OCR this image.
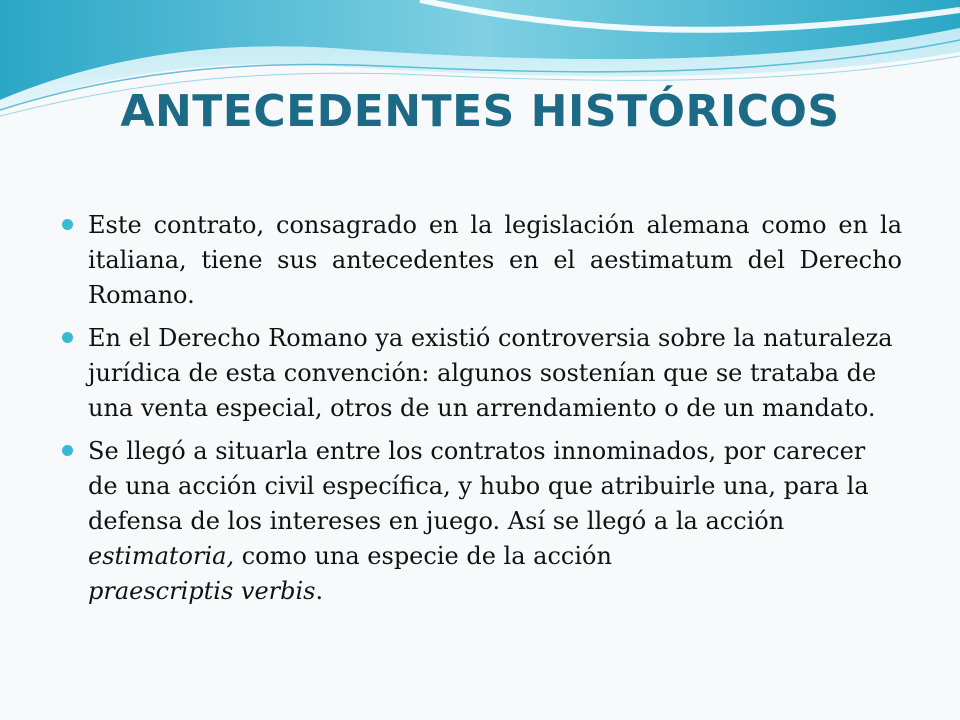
ANTECEDENTES HISTÓRICOS
Este contrato, consagrado en la legislación alemana como en la italiana, tiene sus antecedentes en el aestimatum del Derecho Romano.
En el Derecho Romano ya existió controversia sobre la naturaleza jurídica de esta convención: algunos sostenían que se trataba de una venta especial, otros de un arrendamiento o de un mandato.
Se llegó a situarla entre los contratos innominados, por carecer de una acción civil específica, y hubo que atribuirle una, para la defensa de los intereses en juego. Así se llegó a la acción estimatoria, como una especie de la acción
praescriptis verbis.
